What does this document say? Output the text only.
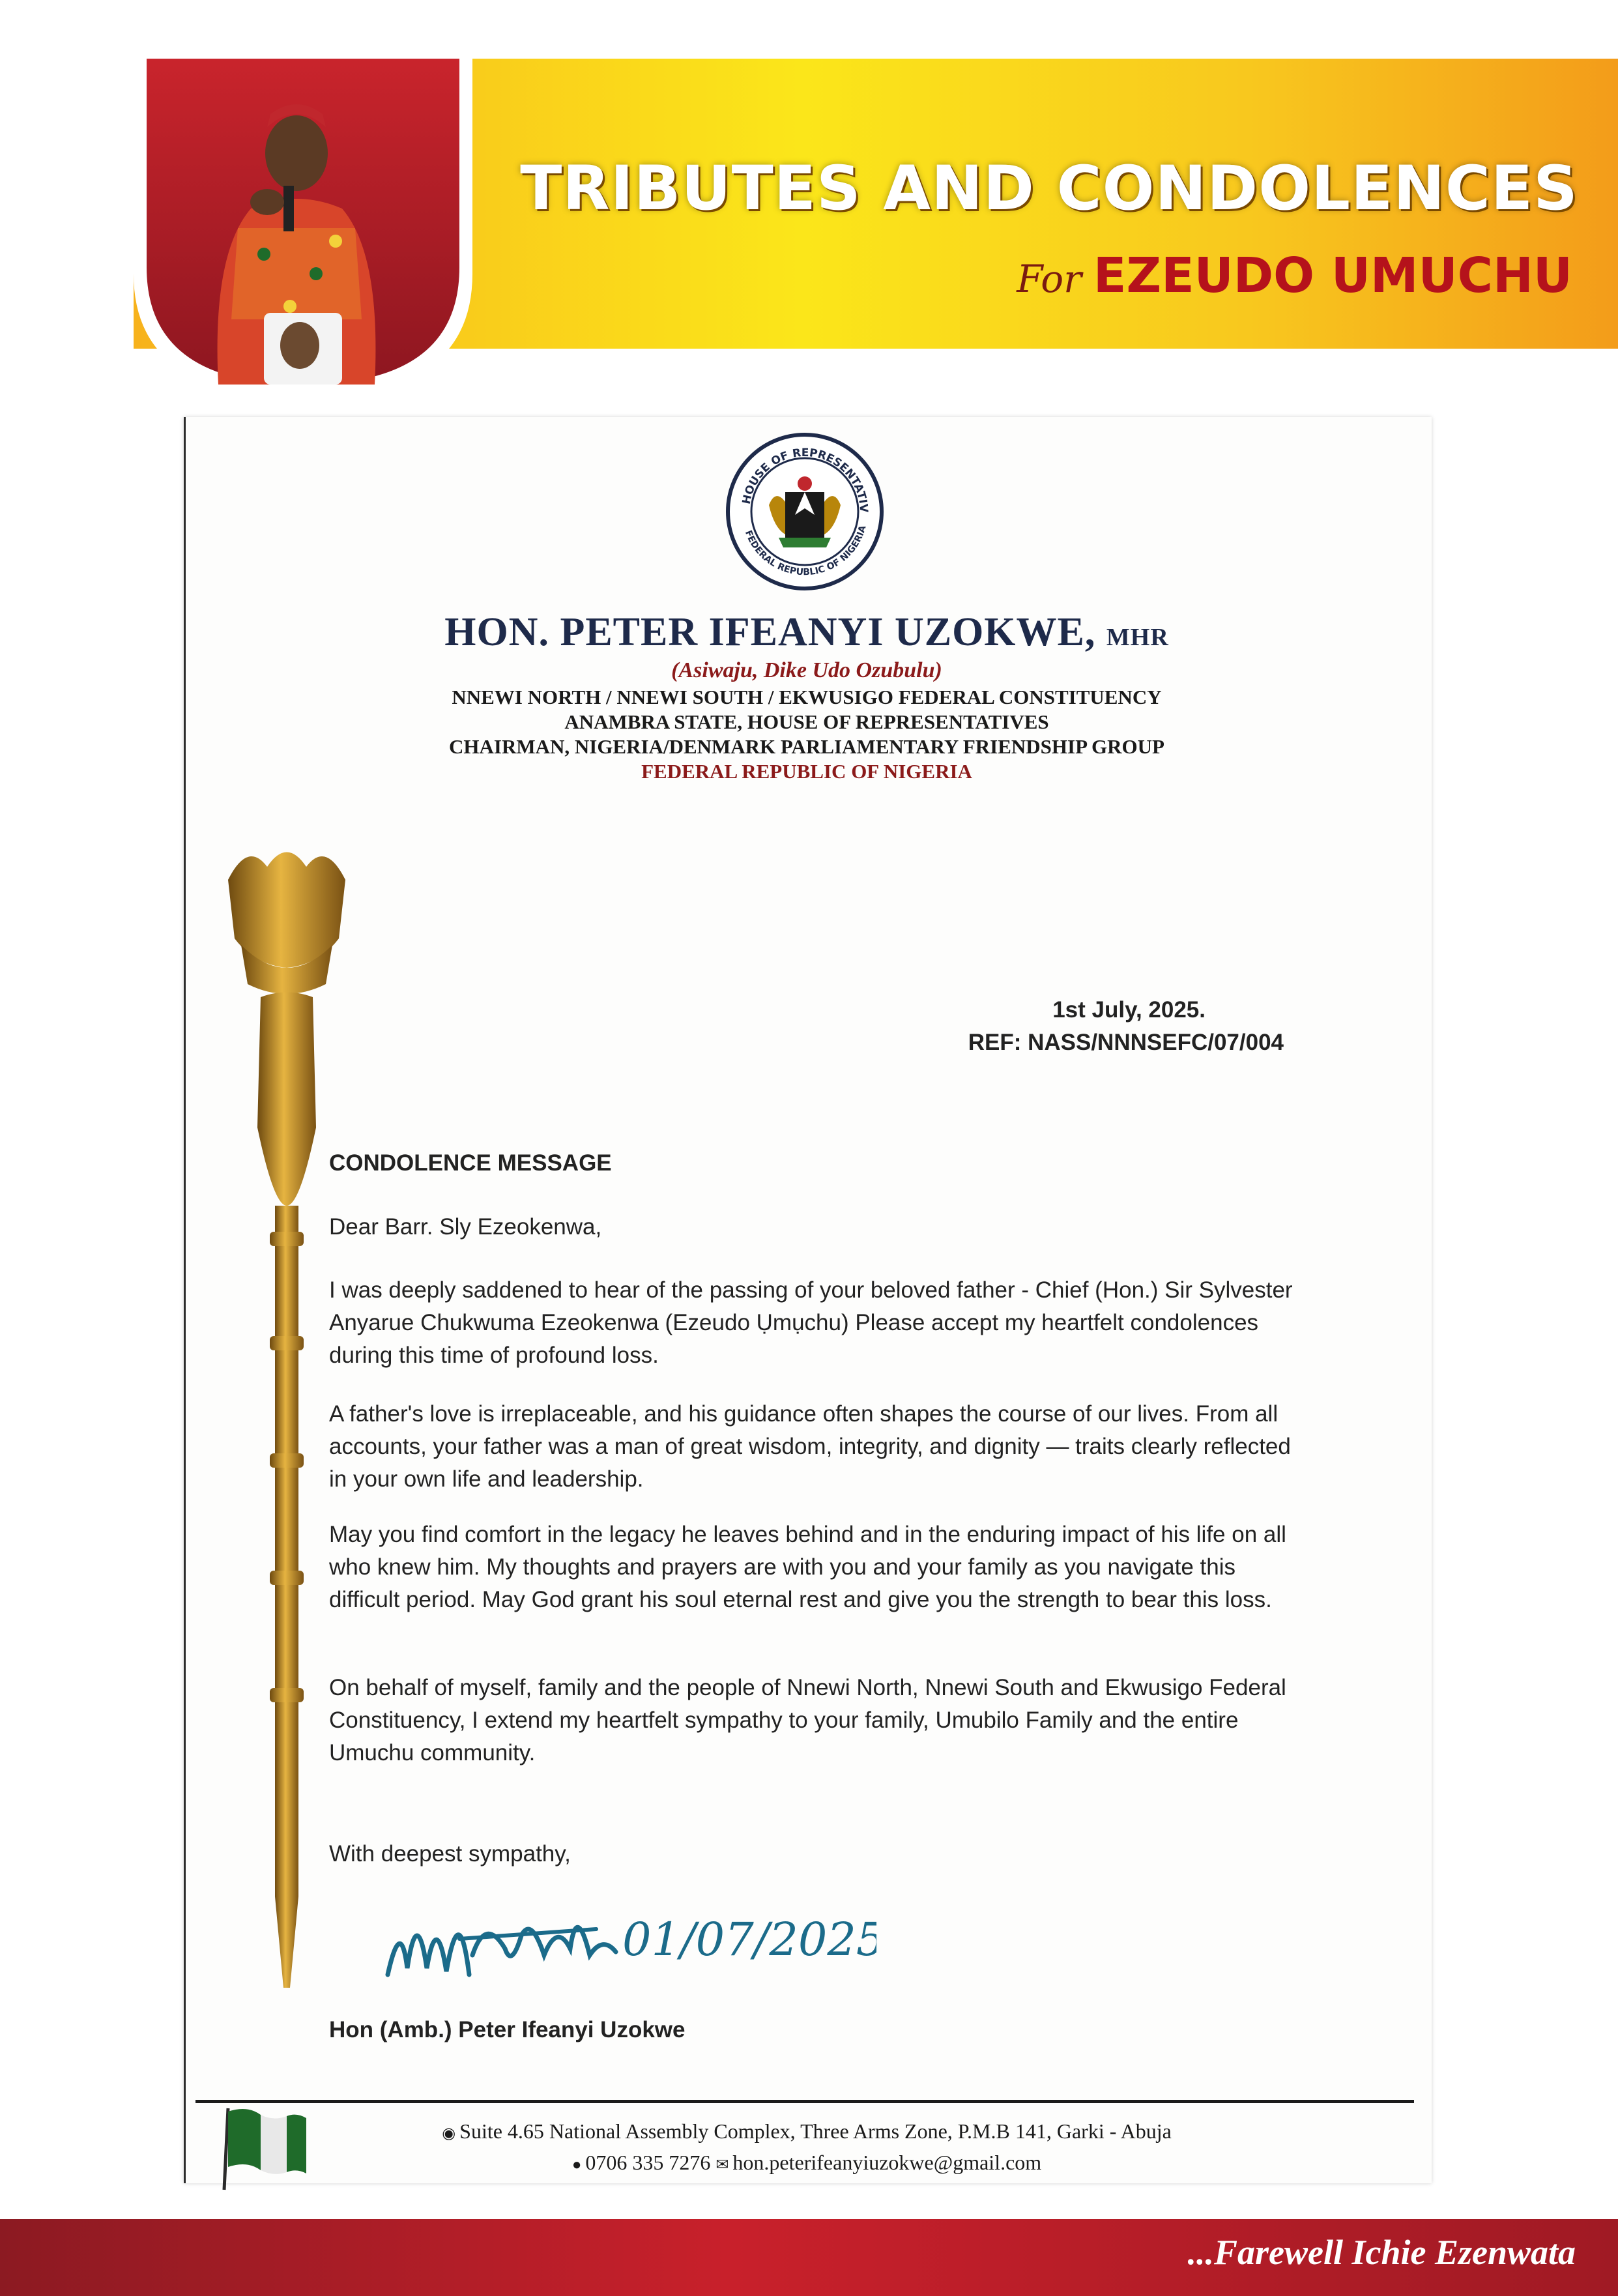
TRIBUTES AND CONDOLENCES
For EZEUDO UMUCHU
HOUSE OF REPRESENTATIV
FEDERAL REPUBLIC OF NIGERIA
HON. PETER IFEANYI UZOKWE, MHR
(Asiwaju, Dike Udo Ozubulu)
NNEWI NORTH / NNEWI SOUTH / EKWUSIGO FEDERAL CONSTITUENCY
ANAMBRA STATE, HOUSE OF REPRESENTATIVES
CHAIRMAN, NIGERIA/DENMARK PARLIAMENTARY FRIENDSHIP GROUP
FEDERAL REPUBLIC OF NIGERIA
1st July, 2025.
REF: NASS/NNNSEFC/07/004
CONDOLENCE MESSAGE
Dear Barr. Sly Ezeokenwa,
I was deeply saddened to hear of the passing of your beloved father - Chief (Hon.) Sir Sylvester Anyarue Chukwuma Ezeokenwa (Ezeudo Ụmụchu) Please accept my heartfelt condolences during this time of profound loss.
A father's love is irreplaceable, and his guidance often shapes the course of our lives. From all accounts, your father was a man of great wisdom, integrity, and dignity — traits clearly reflected in your own life and leadership.
May you find comfort in the legacy he leaves behind and in the enduring impact of his life on all who knew him. My thoughts and prayers are with you and your family as you navigate this difficult period. May God grant his soul eternal rest and give you the strength to bear this loss.
On behalf of myself, family and the people of Nnewi North, Nnewi South and Ekwusigo Federal Constituency, I extend my heartfelt sympathy to your family, Umubilo Family and the entire Umuchu community.
With deepest sympathy,
01/07/2025
Hon (Amb.) Peter Ifeanyi Uzokwe
◉ Suite 4.65 National Assembly Complex, Three Arms Zone, P.M.B 141, Garki - Abuja
● 0706 335 7276 ✉ hon.peterifeanyiuzokwe@gmail.com
...Farewell Ichie Ezenwata
